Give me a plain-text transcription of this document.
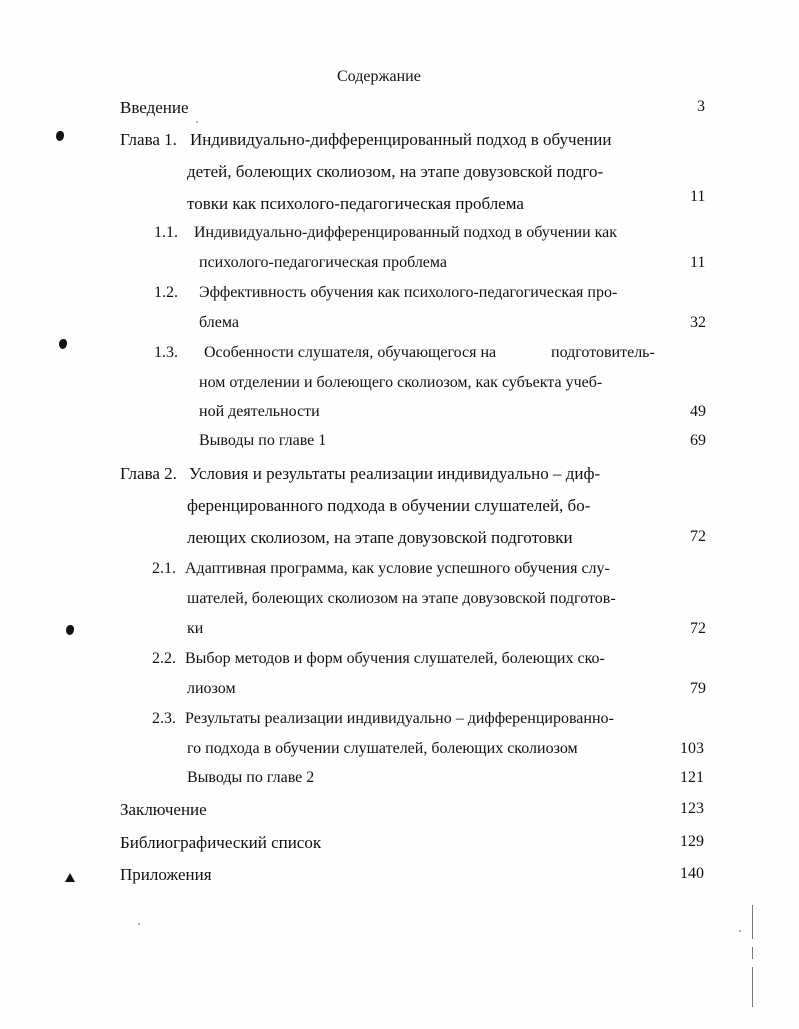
Содержание
Введение	3
Глава 1. Индивидуально-дифференцированный подход в обучении
детей, болеющих сколиозом, на этапе довузовской подго-
товки как психолого-педагогическая проблема	11
1.1. Индивидуально-дифференцированный подход в обучении как
психолого-педагогическая проблема	11
1.2. Эффективность обучения как психолого-педагогическая про-
блема	32
1.3. Особенности слушателя, обучающегося на	подготовитель-
ном отделении и болеющего сколиозом, как субъекта учеб-
ной деятельности	49
Выводы по главе 1	69
Глава 2. Условия и результаты реализации индивидуально – диф-
ференцированного подхода в обучении слушателей, бо-
леющих сколиозом, на этапе довузовской подготовки	72
2.1. Адаптивная программа, как условие успешного обучения слу-
шателей, болеющих сколиозом на этапе довузовской подготов-
ки	72
2.2. Выбор методов и форм обучения слушателей, болеющих ско-
лиозом	79
2.3. Результаты реализации индивидуально – дифференцированно-
го подхода в обучении слушателей, болеющих сколиозом	103
Выводы по главе 2	121
Заключение	123
Библиографический список	129
Приложения	140
